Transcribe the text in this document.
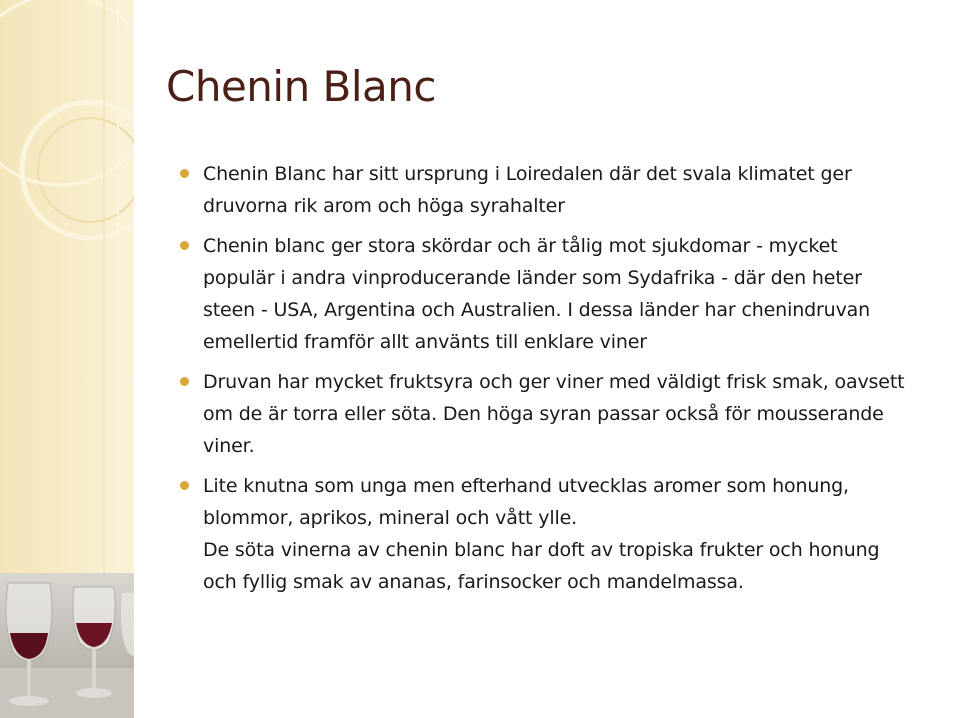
Chenin Blanc

Chenin Blanc har sitt ursprung i Loiredalen där det svala klimatet ger druvorna rik arom och höga syrahalter

Chenin blanc ger stora skördar och är tålig mot sjukdomar - mycket populär i andra vinproducerande länder som Sydafrika - där den heter steen - USA, Argentina och Australien. I dessa länder har chenindruvan emellertid framför allt använts till enklare viner

Druvan har mycket fruktsyra och ger viner med väldigt frisk smak, oavsett om de är torra eller söta. Den höga syran passar också för mousserande viner.

Lite knutna som unga men efterhand utvecklas aromer som honung, blommor, aprikos, mineral och vått ylle.

De söta vinerna av chenin blanc har doft av tropiska frukter och honung och fyllig smak av ananas, farinsocker och mandelmassa.
